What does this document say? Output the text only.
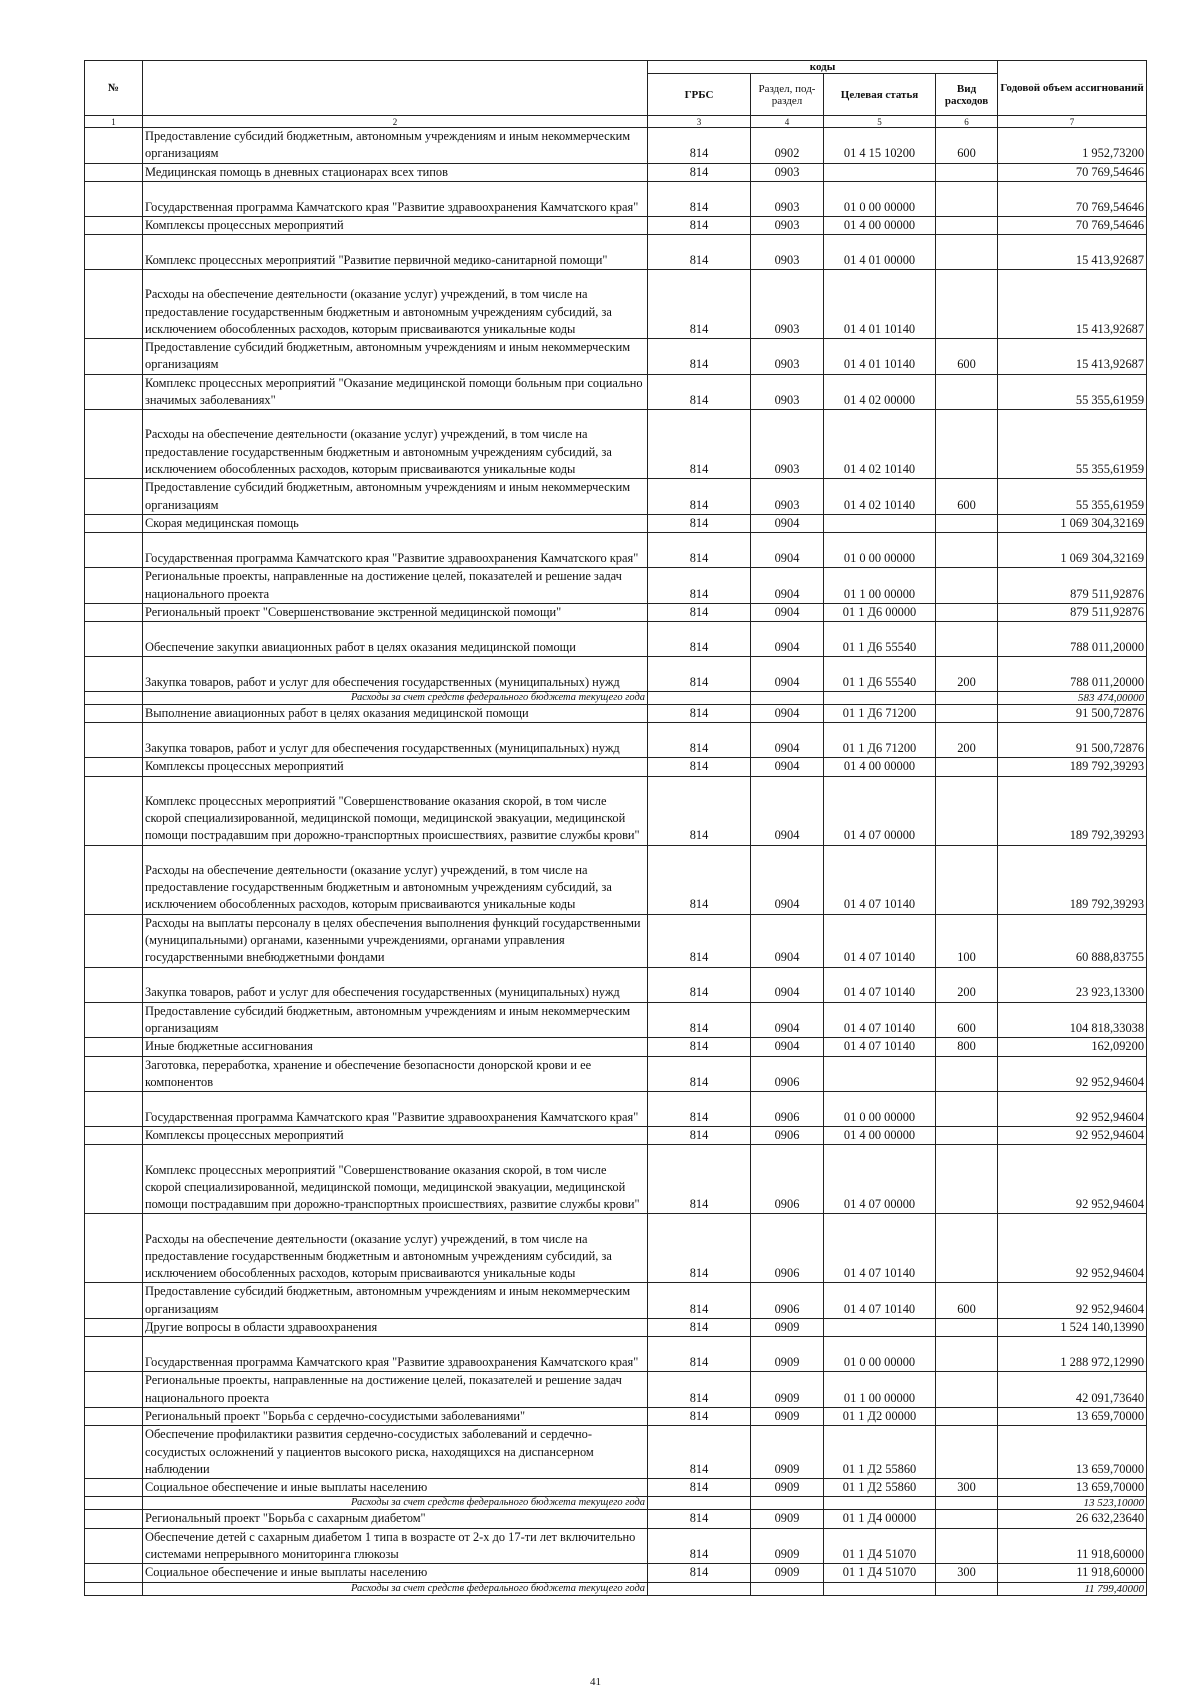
№		коды				Годовой объем ассигнований
		ГРБС	Раздел, под-раздел	Целевая статья	Вид расходов	
1	2	3	4	5	6	7
	Предоставление субсидий бюджетным, автономным учреждениям и иным некоммерческим организациям	814	0902	01 4 15 10200	600	1 952,73200
	Медицинская помощь в дневных стационарах всех типов	814	0903			70 769,54646
	Государственная программа Камчатского края "Развитие здравоохранения Камчатского края"	814	0903	01 0 00 00000		70 769,54646
	Комплексы процессных мероприятий	814	0903	01 4 00 00000		70 769,54646
	Комплекс процессных мероприятий "Развитие первичной медико-санитарной помощи"	814	0903	01 4 01 00000		15 413,92687
	Расходы на обеспечение деятельности (оказание услуг) учреждений, в том числе на предоставление государственным бюджетным и автономным учреждениям субсидий, за исключением обособленных расходов, которым присваиваются уникальные коды	814	0903	01 4 01 10140		15 413,92687
	Предоставление субсидий бюджетным, автономным учреждениям и иным некоммерческим организациям	814	0903	01 4 01 10140	600	15 413,92687
	Комплекс процессных мероприятий "Оказание медицинской помощи больным при социально значимых заболеваниях"	814	0903	01 4 02 00000		55 355,61959
	Расходы на обеспечение деятельности (оказание услуг) учреждений, в том числе на предоставление государственным бюджетным и автономным учреждениям субсидий, за исключением обособленных расходов, которым присваиваются уникальные коды	814	0903	01 4 02 10140		55 355,61959
	Предоставление субсидий бюджетным, автономным учреждениям и иным некоммерческим организациям	814	0903	01 4 02 10140	600	55 355,61959
	Скорая медицинская помощь	814	0904			1 069 304,32169
	Государственная программа Камчатского края "Развитие здравоохранения Камчатского края"	814	0904	01 0 00 00000		1 069 304,32169
	Региональные проекты, направленные на достижение целей, показателей и решение задач национального проекта	814	0904	01 1 00 00000		879 511,92876
	Региональный проект "Совершенствование экстренной медицинской помощи"	814	0904	01 1 Д6 00000		879 511,92876
	Обеспечение закупки авиационных работ в целях оказания медицинской помощи	814	0904	01 1 Д6 55540		788 011,20000
	Закупка товаров, работ и услуг для обеспечения государственных (муниципальных) нужд	814	0904	01 1 Д6 55540	200	788 011,20000
	Расходы за счет средств федерального бюджета текущего года					583 474,00000
	Выполнение авиационных работ в целях оказания медицинской помощи	814	0904	01 1 Д6 71200		91 500,72876
	Закупка товаров, работ и услуг для обеспечения государственных (муниципальных) нужд	814	0904	01 1 Д6 71200	200	91 500,72876
	Комплексы процессных мероприятий	814	0904	01 4 00 00000		189 792,39293
	Комплекс процессных мероприятий "Совершенствование оказания скорой, в том числе скорой специализированной, медицинской помощи, медицинской эвакуации, медицинской помощи пострадавшим при дорожно-транспортных происшествиях, развитие службы крови"	814	0904	01 4 07 00000		189 792,39293
	Расходы на обеспечение деятельности (оказание услуг) учреждений, в том числе на предоставление государственным бюджетным и автономным учреждениям субсидий, за исключением обособленных расходов, которым присваиваются уникальные коды	814	0904	01 4 07 10140		189 792,39293
	Расходы на выплаты персоналу в целях обеспечения выполнения функций государственными (муниципальными) органами, казенными учреждениями, органами управления государственными внебюджетными фондами	814	0904	01 4 07 10140	100	60 888,83755
	Закупка товаров, работ и услуг для обеспечения государственных (муниципальных) нужд	814	0904	01 4 07 10140	200	23 923,13300
	Предоставление субсидий бюджетным, автономным учреждениям и иным некоммерческим организациям	814	0904	01 4 07 10140	600	104 818,33038
	Иные бюджетные ассигнования	814	0904	01 4 07 10140	800	162,09200
	Заготовка, переработка, хранение и обеспечение безопасности донорской крови и ее компонентов	814	0906			92 952,94604
	Государственная программа Камчатского края "Развитие здравоохранения Камчатского края"	814	0906	01 0 00 00000		92 952,94604
	Комплексы процессных мероприятий	814	0906	01 4 00 00000		92 952,94604
	Комплекс процессных мероприятий "Совершенствование оказания скорой, в том числе скорой специализированной, медицинской помощи, медицинской эвакуации, медицинской помощи пострадавшим при дорожно-транспортных происшествиях, развитие службы крови"	814	0906	01 4 07 00000		92 952,94604
	Расходы на обеспечение деятельности (оказание услуг) учреждений, в том числе на предоставление государственным бюджетным и автономным учреждениям субсидий, за исключением обособленных расходов, которым присваиваются уникальные коды	814	0906	01 4 07 10140		92 952,94604
	Предоставление субсидий бюджетным, автономным учреждениям и иным некоммерческим организациям	814	0906	01 4 07 10140	600	92 952,94604
	Другие вопросы в области здравоохранения	814	0909			1 524 140,13990
	Государственная программа Камчатского края "Развитие здравоохранения Камчатского края"	814	0909	01 0 00 00000		1 288 972,12990
	Региональные проекты, направленные на достижение целей, показателей и решение задач национального проекта	814	0909	01 1 00 00000		42 091,73640
	Региональный проект "Борьба с сердечно-сосудистыми заболеваниями"	814	0909	01 1 Д2 00000		13 659,70000
	Обеспечение профилактики развития сердечно-сосудистых заболеваний и сердечно-сосудистых осложнений у пациентов высокого риска, находящихся на диспансерном наблюдении	814	0909	01 1 Д2 55860		13 659,70000
	Социальное обеспечение и иные выплаты населению	814	0909	01 1 Д2 55860	300	13 659,70000
	Расходы за счет средств федерального бюджета текущего года					13 523,10000
	Региональный проект "Борьба с сахарным диабетом"	814	0909	01 1 Д4 00000		26 632,23640
	Обеспечение детей с сахарным диабетом 1 типа в возрасте от 2-х до 17-ти лет включительно системами непрерывного мониторинга глюкозы	814	0909	01 1 Д4 51070		11 918,60000
	Социальное обеспечение и иные выплаты населению	814	0909	01 1 Д4 51070	300	11 918,60000
	Расходы за счет средств федерального бюджета текущего года					11 799,40000
41
